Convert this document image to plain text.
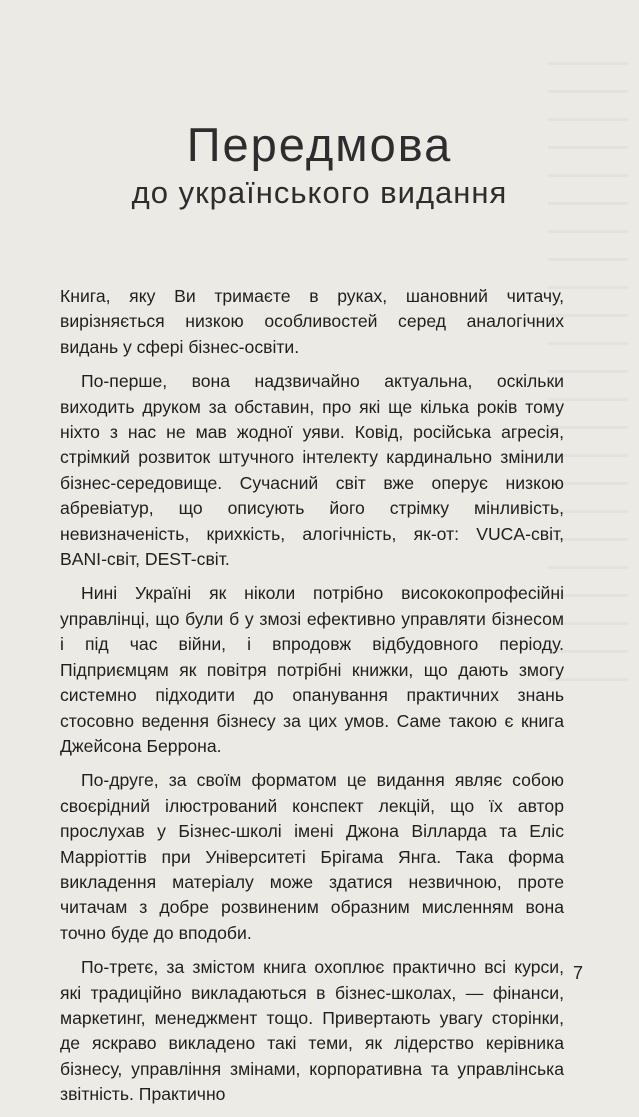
Передмова
до українського видання

Книга, яку Ви тримаєте в руках, шановний читачу, вирізняється низкою особливостей серед аналогічних видань у сфері бізнес-освіти.

По-перше, вона надзвичайно актуальна, оскільки виходить друком за обставин, про які ще кілька років тому ніхто з нас не мав жодної уяви. Ковід, російська агресія, стрімкий розвиток штучного інтелекту кардинально змінили бізнес-середовище. Сучасний світ вже оперує низкою абревіатур, що описують його стрімку мінливість, невизначеність, крихкість, алогічність, як-от: VUCA-світ, BANI-світ, DEST-світ.

Нині Україні як ніколи потрібно висококопрофесійні управлінці, що були б у змозі ефективно управляти бізнесом і під час війни, і впродовж відбудовного періоду. Підприємцям як повітря потрібні книжки, що дають змогу системно підходити до опанування практичних знань стосовно ведення бізнесу за цих умов. Саме такою є книга Джейсона Беррона.

По-друге, за своїм форматом це видання являє собою своєрідний ілюстрований конспект лекцій, що їх автор прослухав у Бізнес-школі імені Джона Вілларда та Еліс Марріоттів при Університеті Брігама Янга. Така форма викладення матеріалу може здатися незвичною, проте читачам з добре розвиненим образним мисленням вона точно буде до вподоби.

По-третє, за змістом книга охоплює практично всі курси, які традиційно викладаються в бізнес-школах, — фінанси, маркетинг, менеджмент тощо. Привертають увагу сторінки, де яскраво викладено такі теми, як лідерство керівника бізнесу, управління змінами, корпоративна та управлінська звітність. Практично

7
